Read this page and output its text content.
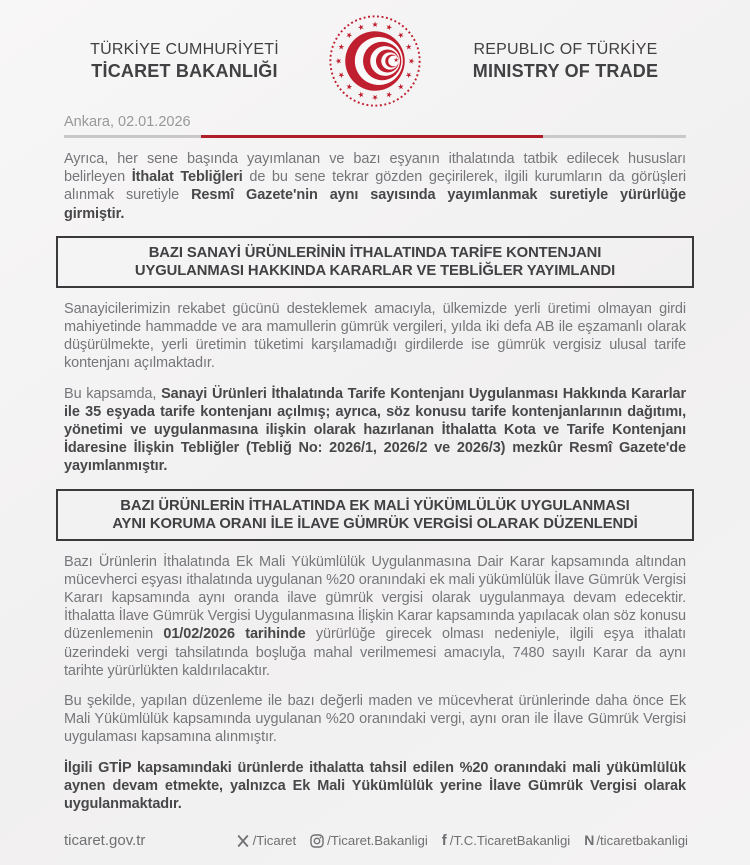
TÜRKİYE CUMHURİYETİ
TİCARET BAKANLIĞI
★ ★
★
★
★
★
★
★
★
★
★
★
★
★
★
★
★
REPUBLIC OF TÜRKİYE
MINISTRY OF TRADE
Ankara, 02.01.2026

Ayrıca, her sene başında yayımlanan ve bazı eşyanın ithalatında tatbik edilecek hususları belirleyen İthalat Tebliğleri de bu sene tekrar gözden geçirilerek, ilgili kurumların da görüşleri alınmak suretiyle Resmî Gazete'nin aynı sayısında yayımlanmak suretiyle yürürlüğe girmiştir.

BAZI SANAYİ ÜRÜNLERİNİN İTHALATINDA TARİFE KONTENJANI
UYGULANMASI HAKKINDA KARARLAR VE TEBLİĞLER YAYIMLANDI

Sanayicilerimizin rekabet gücünü desteklemek amacıyla, ülkemizde yerli üretimi olmayan girdi mahiyetinde hammadde ve ara mamullerin gümrük vergileri, yılda iki defa AB ile eşzamanlı olarak düşürülmekte, yerli üretimin tüketimi karşılamadığı girdilerde ise gümrük vergisiz ulusal tarife kontenjanı açılmaktadır.

Bu kapsamda, Sanayi Ürünleri İthalatında Tarife Kontenjanı Uygulanması Hakkında Kararlar ile 35 eşyada tarife kontenjanı açılmış; ayrıca, söz konusu tarife kontenjanlarının dağıtımı, yönetimi ve uygulanmasına ilişkin olarak hazırlanan İthalatta Kota ve Tarife Kontenjanı İdaresine İlişkin Tebliğler (Tebliğ No: 2026/1, 2026/2 ve 2026/3) mezkûr Resmî Gazete'de yayımlanmıştır.

BAZI ÜRÜNLERİN İTHALATINDA EK MALİ YÜKÜMLÜLÜK UYGULANMASI
AYNI KORUMA ORANI İLE İLAVE GÜMRÜK VERGİSİ OLARAK DÜZENLENDİ

Bazı Ürünlerin İthalatında Ek Mali Yükümlülük Uygulanmasına Dair Karar kapsamında altından mücevherci eşyası ithalatında uygulanan %20 oranındaki ek mali yükümlülük İlave Gümrük Vergisi Kararı kapsamında aynı oranda ilave gümrük vergisi olarak uygulanmaya devam edecektir. İthalatta İlave Gümrük Vergisi Uygulanmasına İlişkin Karar kapsamında yapılacak olan söz konusu düzenlemenin 01/02/2026 tarihinde yürürlüğe girecek olması nedeniyle, ilgili eşya ithalatı üzerindeki vergi tahsilatında boşluğa mahal verilmemesi amacıyla, 7480 sayılı Karar da aynı tarihte yürürlükten kaldırılacaktır.

Bu şekilde, yapılan düzenleme ile bazı değerli maden ve mücevherat ürünlerinde daha önce Ek Mali Yükümlülük kapsamında uygulanan %20 oranındaki vergi, aynı oran ile İlave Gümrük Vergisi uygulaması kapsamına alınmıştır.

İlgili GTİP kapsamındaki ürünlerde ithalatta tahsil edilen %20 oranındaki mali yükümlülük aynen devam etmekte, yalnızca Ek Mali Yükümlülük yerine İlave Gümrük Vergisi olarak uygulanmaktadır.

ticaret.gov.tr	/Ticaret /Ticaret.Bakanligi f /T.C.TicaretBakanligi N /ticaretbakanligi
